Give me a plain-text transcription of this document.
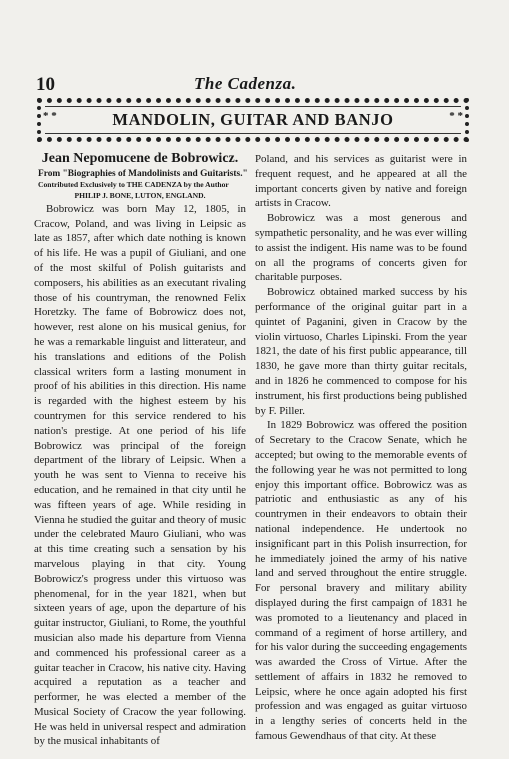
10	The Cadenza.
* *	MANDOLIN, GUITAR AND BANJO	* *
Jean Nepomucene de Bobrowicz.
From "Biographies of Mandolinists and Guitarists."
Contributed Exclusively to THE CADENZA by the Author
PHILIP J. BONE, LUTON, ENGLAND.

Bobrowicz was born May 12, 1805, in Cracow, Poland, and was living in Leipsic as late as 1857, after which date nothing is known of his life. He was a pupil of Giuliani, and one of the most skilful of Polish guitarists and composers, his abilities as an executant rivaling those of his countryman, the renowned Felix Horetzky. The fame of Bobrowicz does not, however, rest alone on his musical genius, for he was a remarkable linguist and litterateur, and his translations and editions of the Polish classical writers form a lasting monument in proof of his abilities in this direction. His name is regarded with the highest esteem by his countrymen for this service rendered to his nation's prestige. At one period of his life Bobrowicz was principal of the foreign department of the library of Leipsic. When a youth he was sent to Vienna to receive his education, and he remained in that city until he was fifteen years of age. While residing in Vienna he studied the guitar and theory of music under the celebrated Mauro Giuliani, who was at this time creating such a sensation by his marvelous playing in that city. Young Bobrowicz's progress under this virtuoso was phenomenal, for in the year 1821, when but sixteen years of age, upon the departure of his guitar instructor, Giuliani, to Rome, the youthful musician also made his departure from Vienna and commenced his professional career as a guitar teacher in Cracow, his native city. Having acquired a reputation as a teacher and performer, he was elected a member of the Musical Society of Cracow the year following. He was held in universal respect and admiration by the musical inhabitants of

Poland, and his services as guitarist were in frequent request, and he appeared at all the important concerts given by native and foreign artists in Cracow.

Bobrowicz was a most generous and sympathetic personality, and he was ever willing to assist the indigent. His name was to be found on all the programs of concerts given for charitable purposes.

Bobrowicz obtained marked success by his performance of the original guitar part in a quintet of Paganini, given in Cracow by the violin virtuoso, Charles Lipinski. From the year 1821, the date of his first public appearance, till 1830, he gave more than thirty guitar recitals, and in 1826 he commenced to compose for his instrument, his first productions being published by F. Piller.

In 1829 Bobrowicz was offered the position of Secretary to the Cracow Senate, which he accepted; but owing to the memorable events of the following year he was not permitted to long enjoy this important office. Bobrowicz was as patriotic and enthusiastic as any of his countrymen in their endeavors to obtain their national independence. He undertook no insignificant part in this Polish insurrection, for he immediately joined the army of his native land and served throughout the entire struggle. For personal bravery and military ability displayed during the first campaign of 1831 he was promoted to a lieutenancy and placed in command of a regiment of horse artillery, and for his valor during the succeeding engagements was awarded the Cross of Virtue. After the settlement of affairs in 1832 he removed to Leipsic, where he once again adopted his first profession and was engaged as guitar virtuoso in a lengthy series of concerts held in the famous Gewendhaus of that city. At these
